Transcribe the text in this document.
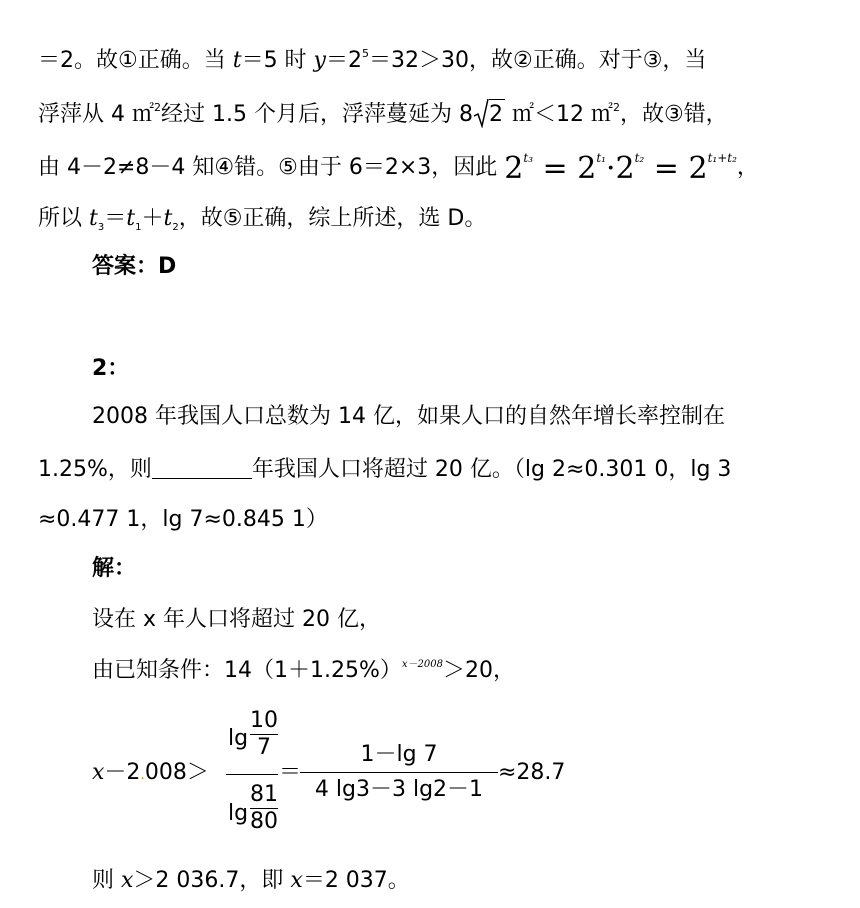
＝2。故①正确。当 t＝5 时 $y=2^5=32>30$，故②正确。对于③，当
浮萍从 4 ㎡$^2$经过 1.5 个月后，浮萍蔓延为 8 2 ㎡＜12 ㎡$^2$，故③错，
由 4－2≠8－4 知④错。⑤由于 6＝2×3，因此 $2^{t_3} = 2^{t_1}\cdot 2^{t_2} = 2^{t_1+t_2}$，
所以 $t_3=t_1+t_2$，故⑤正确，综上所述，选 D。
答案：D
2：
2008 年我国人口总数为 14 亿，如果人口的自然年增长率控制在
1.25%，则	年我国人口将超过 20 亿。（lg 2≈0.301 0，lg 3
≈0.477 1，lg 7≈0.845 1）
解：
设在 x 年人口将超过 20 亿，
由已知条件：$14(1+1.25\%)^{x-2008}>20$，
x－2.008＞
lg
10
7
lg
81
80
＝
1－lg 7
4 lg3－3 lg2－1
≈28.7
则 x＞2 036.7，即 x＝2 037。
